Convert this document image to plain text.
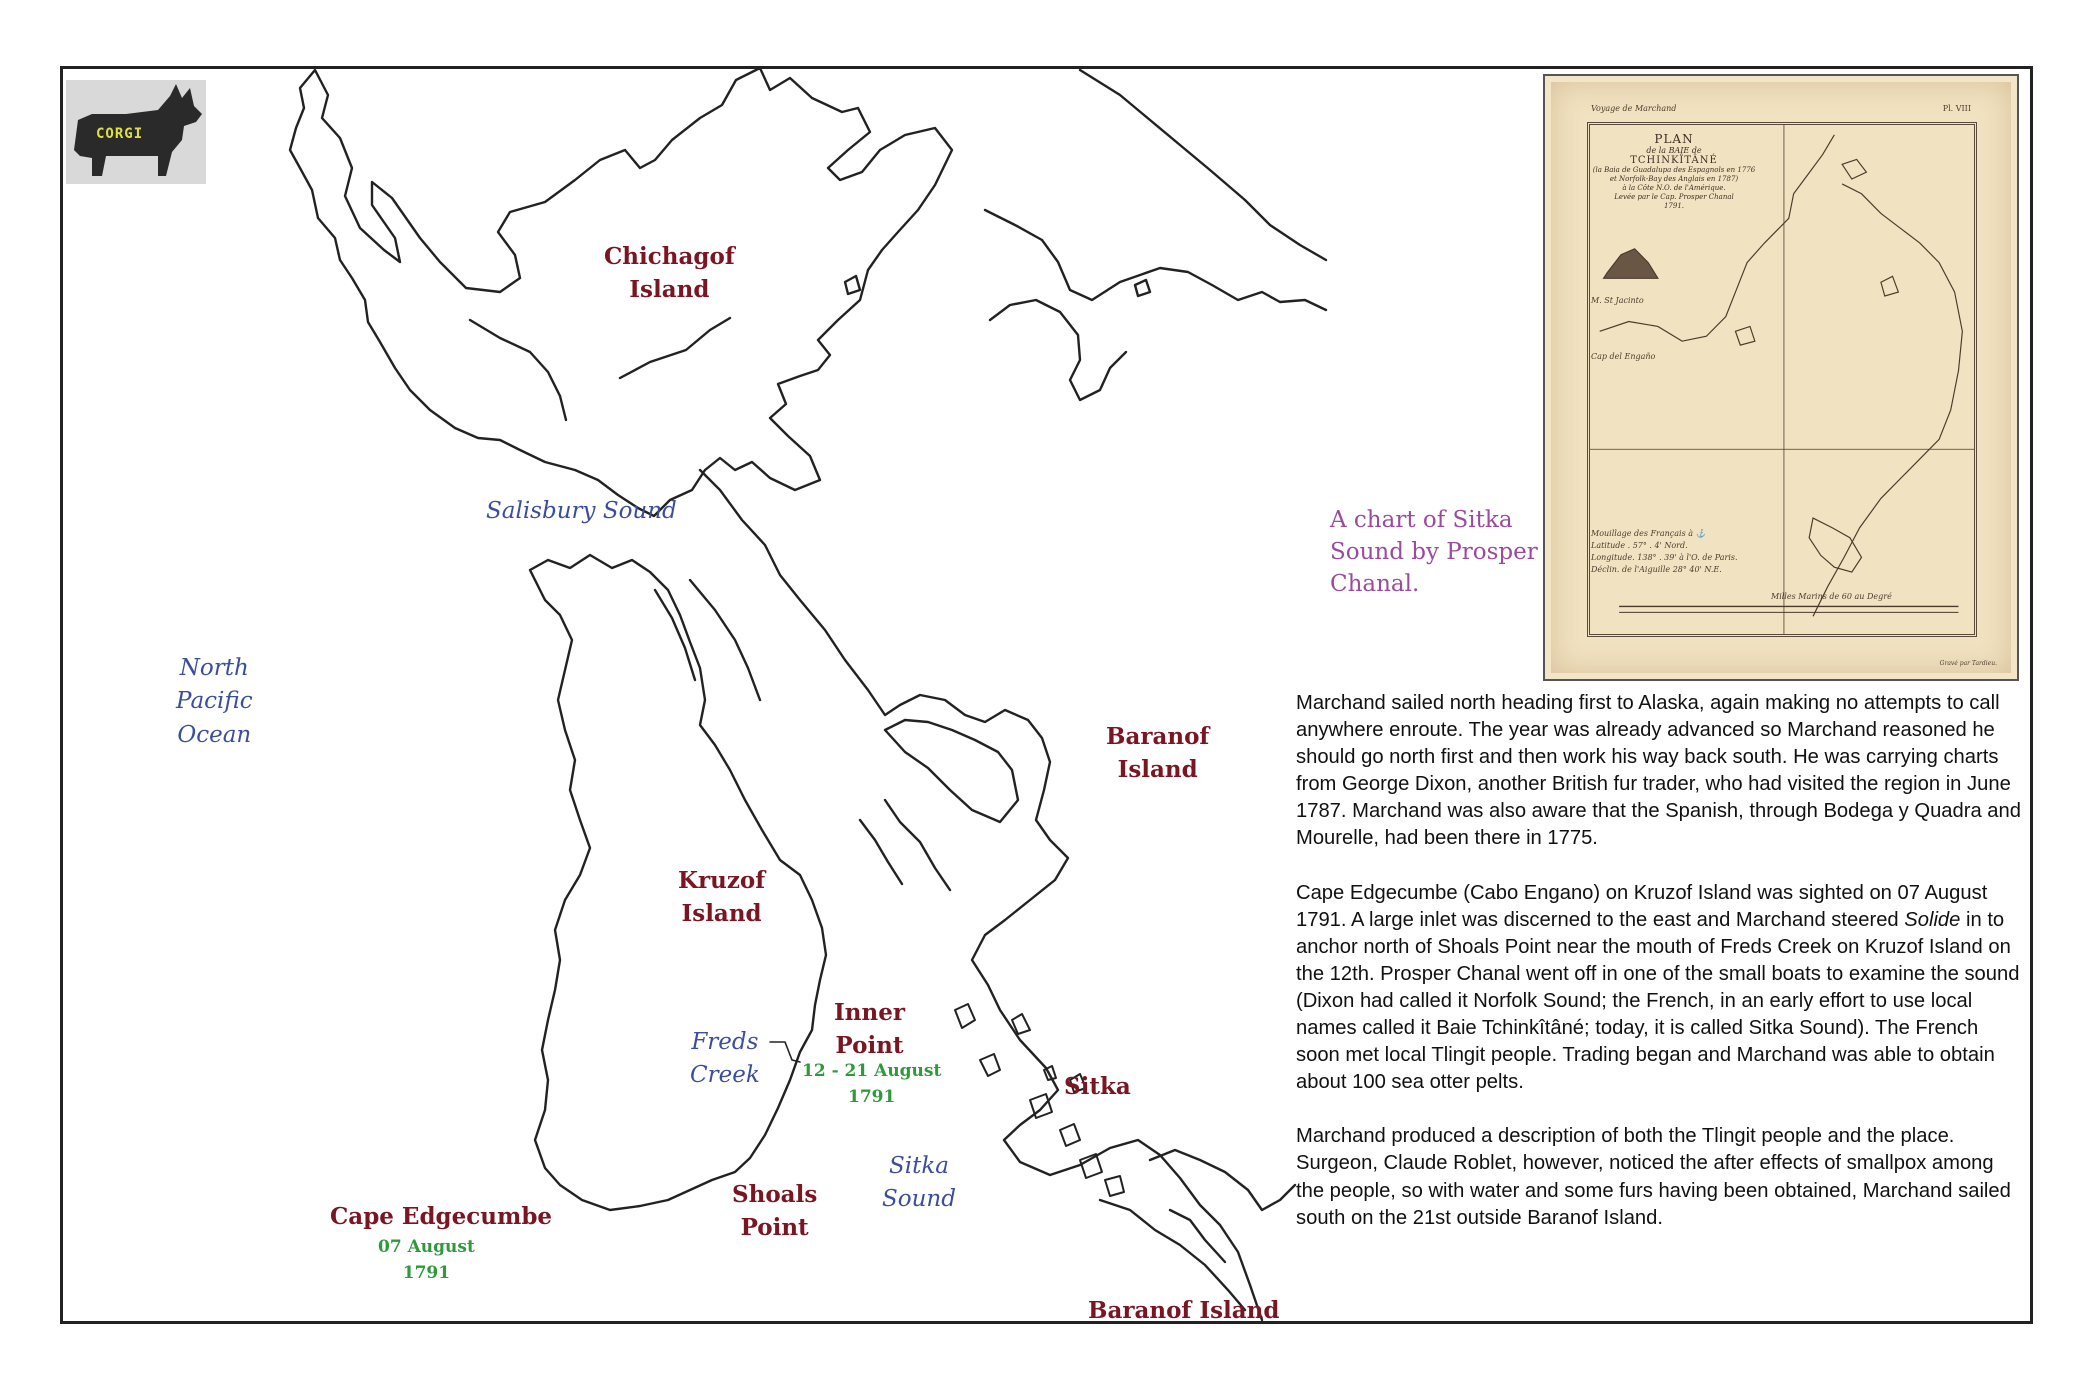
CORGI
Chichagof
Island
Salisbury Sound
North
Pacific
Ocean	Baranof
Island
Kruzof
Island
Inner
Point
12 - 21 August
1791
Freds
Creek	Sitka
Sitka
Sound
Shoals
Point
Cape Edgecumbe
07 August
1791
Baranof Island
A chart of Sitka
Sound by Prosper
Chanal.
Voyage de Marchand	Pl. VIII
PLAN
de la BAIE de
TCHINKÎTÂNÉ
(la Baia de Guadalupa des Espagnols en 1776
et Norfolk-Bay des Anglais en 1787)
à la Côte N.O. de l'Amérique.
Levée par le Cap. Prosper Chanal
1791.
M. St Jacinto
Cap del Engaño
Mouillage des Français à ⚓
Latitude . 57° . 4' Nord.
Longitude. 138° . 39' à l'O. de Paris.
Déclin. de l'Aiguille 28° 40' N.E.
Milles Marins de 60 au Degré
Gravé par Tardieu.

Marchand sailed north heading first to Alaska, again making no attempts to call anywhere enroute. The year was already advanced so Marchand reasoned he should go north first and then work his way back south. He was carrying charts from George Dixon, another British fur trader, who had visited the region in June 1787. Marchand was also aware that the Spanish, through Bodega y Quadra and Mourelle, had been there in 1775.

Cape Edgecumbe (Cabo Engano) on Kruzof Island was sighted on 07 August 1791. A large inlet was discerned to the east and Marchand steered Solide in to anchor north of Shoals Point near the mouth of Freds Creek on Kruzof Island on the 12th. Prosper Chanal went off in one of the small boats to examine the sound (Dixon had called it Norfolk Sound; the French, in an early effort to use local names called it Baie Tchinkîtâné; today, it is called Sitka Sound). The French soon met local Tlingit people. Trading began and Marchand was able to obtain about 100 sea otter pelts.

Marchand produced a description of both the Tlingit people and the place. Surgeon, Claude Roblet, however, noticed the after effects of smallpox among the people, so with water and some furs having been obtained, Marchand sailed south on the 21st outside Baranof Island.
